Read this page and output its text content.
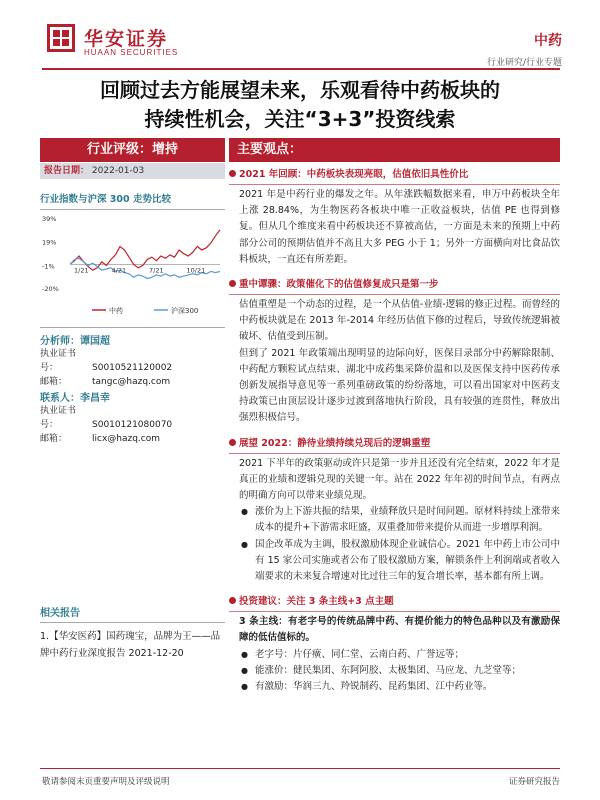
华安证券
HUAAN SECURITIES
中药
行业研究/行业专题
回顾过去方能展望未来，乐观看待中药板块的
持续性机会，关注“3+3”投资线索
行业评级：增持
报告日期： 2022-01-03
行业指数与沪深 300 走势比较
39%
19%
-1%
-20%
1/21	4/21	7/21	10/21
中药	沪深300
分析师：谭国超
执业证书号：	S0010521120002
邮箱：	tangc@hazq.com
联系人：李昌幸
执业证书号：	S0010121080070
邮箱：	licx@hazq.com
相关报告
1.【华安医药】国药瑰宝，品牌为王——品牌中药行业深度报告 2021-12-20
主要观点：
2021 年回顾：中药板块表现亮眼，估值依旧具性价比
2021 年是中药行业的爆发之年。从年涨跌幅数据来看，申万中药板块全年上涨 28.84%，为生物医药各板块中唯一正收益板块，估值 PE 也得到修复。但从几个维度来看中药板块还不算被高估，一方面是未来的预期上中药部分公司的预期估值并不高且大多 PEG 小于 1；另外一方面横向对比食品饮料板块，一直还有所差距。
重中谭骤：政策催化下的估值修复成只是第一步
估值重塑是一个动态的过程，是一个从估值-业绩-逻辑的修正过程。而曾经的中药板块就是在 2013 年-2014 年经历估值下修的过程后，导致传统逻辑被破坏、估值受到压制。
但到了 2021 年政策端出现明显的边际向好，医保目录部分中药解除限制、中药配方颗粒试点结束、湖北中成药集采降价温和以及医保支持中医药传承创新发展指导意见等一系列重磅政策的纷纷落地，可以看出国家对中医药支持政策已由顶层设计逐步过渡到落地执行阶段，具有较强的连贯性，释放出强烈积极信号。
展望 2022：静待业绩持续兑现后的逻辑重塑
2021 下半年的政策驱动或许只是第一步并且还没有完全结束，2022 年才是真正的业绩和逻辑兑现的关键一年。站在 2022 年年初的时间节点，有两点的明确方向可以带来业绩兑现。
● 涨价为上下游共振的结果，业绩释放只是时间问题。原材料持续上涨带来成本的提升+下游需求旺盛，双重叠加带来提价从而进一步增厚利润。
● 国企改革成为主调，股权激励体现企业诚信心。2021 年中药上市公司中有 15 家公司实施或者公布了股权激励方案，解锁条件上利润端或者收入端要求的未来复合增速对比过往三年的复合增长率，基本都有所上调。
投资建议：关注 3 条主线+3 点主题
3 条主线：有老字号的传统品牌中药、有提价能力的特色品种以及有激励保障的低估值标的。
● 老字号：片仔癀、同仁堂、云南白药、广誉远等；
● 能涨价：健民集团、东阿阿胶、太极集团、马应龙、九芝堂等；
● 有激励：华润三九、羚锐制药、昆药集团、江中药业等。
敬请参阅末页重要声明及评级说明	证券研究报告
